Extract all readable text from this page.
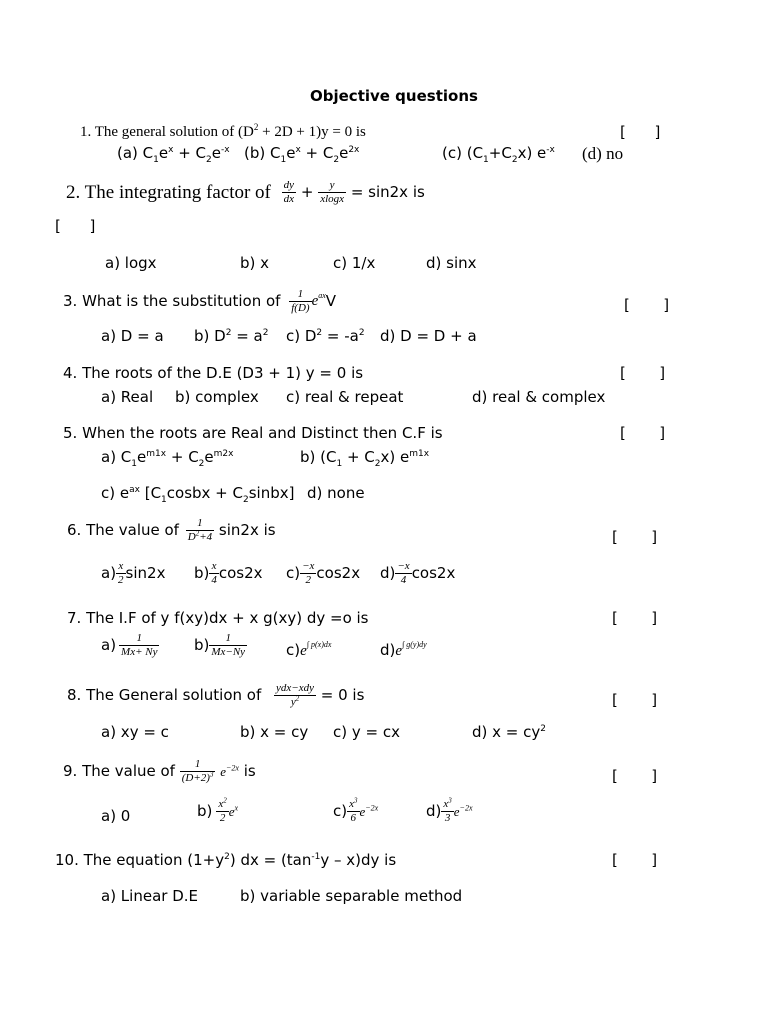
Objective questions
1. The general solution of $(D^2 + 2D + 1)y = 0$ is	[      ]
(a) $C_1e^x + C_2e^{-x}$ (b) $C_1e^x + C_2e^{2x}$	(c) $(C_1+C_2x)$ $e^{-x}$ (d) no
2. The integrating factor of $\frac{dy}{dx} + \frac{y}{xlogx} = \sin 2x$ is
[      ]
a) logx	b) x	c) 1/x	d) sinx
3. What is the substitution of $\frac{1}{f(D)} e^{ax}V$	[       ]
a) D = a b) $D^2 = a^2$ c) $D^2 = -a^2$ d) D = D + a
4. The roots of the D.E (D3 + 1) y = 0 is	[       ]
a) Real b) complex c) real & repeat	d) real & complex
5. When the roots are Real and Distinct then C.F is	[       ]
a) $C_1e^{m1x} + C_2e^{m2x}$	b) $(C_1 + C_2x)$ $e^{m1x}$
c) $e^{ax}$ [$C_1cosbx$ + $C_2sinbx$] d) none
6. The value of $\frac{1}{D^2+4} \sin 2x$ is	[       ]
$a) \frac{x}{2} \sin 2x$ $b) \frac{x}{4} \cos 2x$ $c) \frac{-x}{2} \cos 2x$ $d) \frac{-x}{4} \cos 2x$
7. The I.F of y f(xy)dx + x g(xy) dy =o is	[       ]
$a) \frac{1}{Mx+ Ny} b) \frac{1}{Mx-Ny}$	$c)e^{\int p(x)dx}$	$d)e^{\int g(y)dy}$
8. The General solution of $\frac{\text{ydx−xdy}}{y^2} = 0$ is	[       ]
a) xy = c	b) x = cy c) y = cx	d) $x = cy^2$
9. The value of $\frac{1}{(D+2)^3} e^{-2x}$ is	[       ]
a) 0	$b) \frac{x^2}{2} e^x$	$c) \frac{x^3}{6} e^{-2x}$	$d) \frac{x^3}{3} e^{-2x}$
10. The equation $(1+y^2)$ dx = $(\tan^{-1}y - x)dy$ is	[       ]
a) Linear D.E	b) variable separable method
